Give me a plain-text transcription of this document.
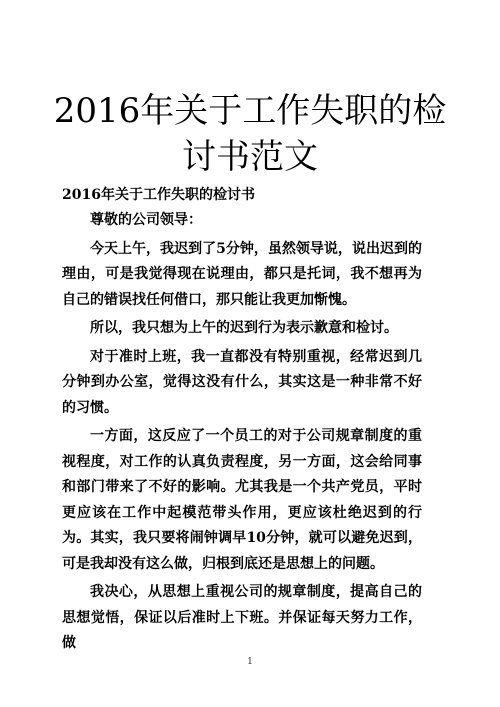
2016年关于工作失职的检讨书范文

2016年关于工作失职的检讨书

尊敬的公司领导：

今天上午，我迟到了5分钟，虽然领导说，说出迟到的理由，可是我觉得现在说理由，都只是托词，我不想再为自己的错误找任何借口，那只能让我更加惭愧。

所以，我只想为上午的迟到行为表示歉意和检讨。

对于准时上班，我一直都没有特别重视，经常迟到几分钟到办公室，觉得这没有什么，其实这是一种非常不好的习惯。

一方面，这反应了一个员工的对于公司规章制度的重视程度，对工作的认真负责程度，另一方面，这会给同事和部门带来了不好的影响。尤其我是一个共产党员，平时更应该在工作中起模范带头作用，更应该杜绝迟到的行为。其实，我只要将闹钟调早10分钟，就可以避免迟到，可是我却没有这么做，归根到底还是思想上的问题。

我决心，从思想上重视公司的规章制度，提高自己的思想觉悟，保证以后准时上下班。并保证每天努力工作，做

1
